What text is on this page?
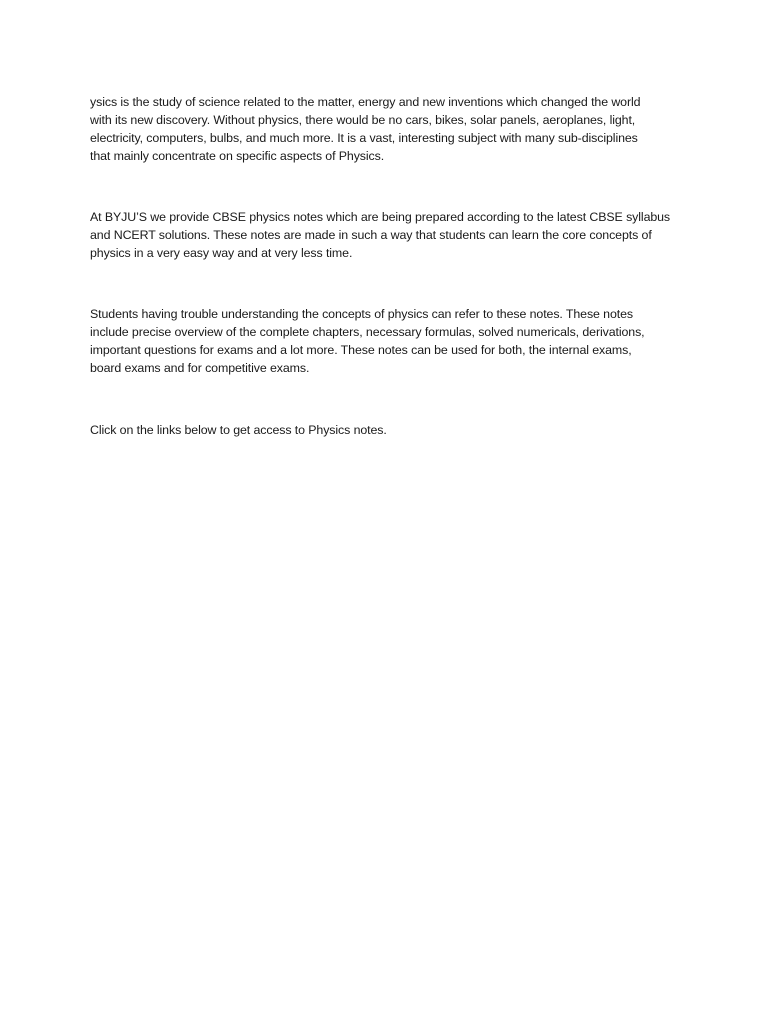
ysics is the study of science related to the matter, energy and new inventions which changed the world
with its new discovery. Without physics, there would be no cars, bikes, solar panels, aeroplanes, light,
electricity, computers, bulbs, and much more. It is a vast, interesting subject with many sub-disciplines
that mainly concentrate on specific aspects of Physics.
At BYJU’S we provide CBSE physics notes which are being prepared according to the latest CBSE syllabus
and NCERT solutions. These notes are made in such a way that students can learn the core concepts of
physics in a very easy way and at very less time.
Students having trouble understanding the concepts of physics can refer to these notes. These notes
include precise overview of the complete chapters, necessary formulas, solved numericals, derivations,
important questions for exams and a lot more. These notes can be used for both, the internal exams,
board exams and for competitive exams.
Click on the links below to get access to Physics notes.
